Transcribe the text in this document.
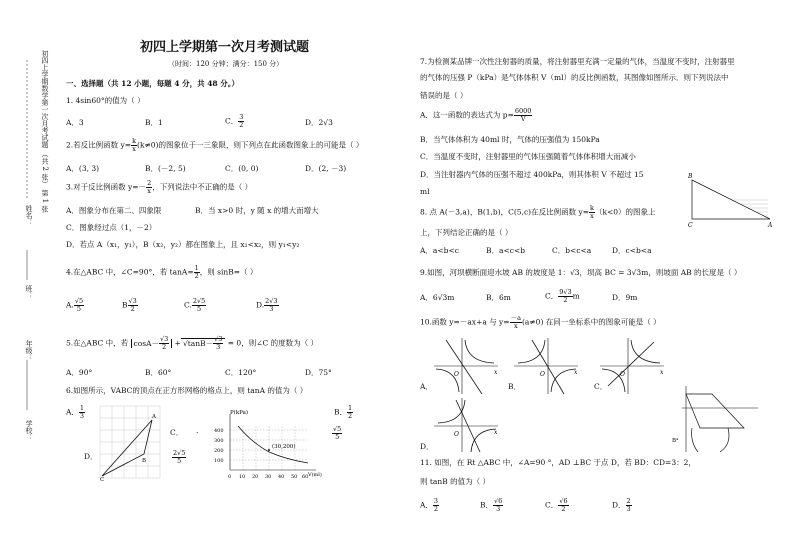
初四上学期数学第一次月考试题 （共 2 张） 第 1 张
姓名：
班：
年级：
学校：
初四上学期第一次月考测试题
（时间：120 分钟；满分：150 分）
一、选择题（共 12 小题，每题 4 分，共 48 分。）
1. 4sin60°的值为（ ）
A．3	B．1	C． $\frac{3}{2}$	D．2√3
2.若反比例函数 $y= \frac{k}{x} (k\ne 0)$的图象位于一三象限，则下列点在此函数图象上的可能是（ ）
A．(3, 3)	B．(－2, 5)	C．(0, 0)	D．(2, －3)
3.对于反比例函数 $y=- \frac{2}{x}$ ，下列说法中不正确的是（ ）
A．图象分布在第二、四象限	B．当 x>0 时，y 随 x 的增大而增大
C．图象经过点（1，－2）
D．若点 A（x₁，y₁），B（x₂，y₂）都在图象上，且 x₁<x₂，则 y₁<y₂
4.在△ABC 中，∠C=90°，若 $\tan A= \frac{1}{2}$ ，则 sinB=（ ）
A. $\frac{√5}{5}$	B $\frac{√3}{2}$	C. $\frac{2√5}{5}$	D. $\frac{2√3}{3}$
5.在△ABC 中，若 $\cos A- \frac{√3}{2} + √\tan B- \frac{√3}{3} = 0$，则∠C 的度数为（ ）
A．90°	B．60°	C．120°	D．75°
6.如图所示，VABC的顶点在正方形网格的格点上，则 tanA 的值为（ ）
A． $\frac{1}{3}$
C．
D．	$\frac{2√5}{5}$
B． $\frac{1}{2}$
$\frac{√5}{5}$
C
A
B
P(kPa)
(30,200)
V(ml)
400
300
200
100
0 10 20 30 40 50 60
.
7.为检测某品牌一次性注射器的质量，将注射器里充满一定量的气体，当温度不变时，注射器里
的气体的压强 P（kPa）是气体体积 V（ml）的反比例函数，其图像如图所示．则下列说法中
错误的是（ ）
A．这一函数的表达式为 $p= \frac{6000}{V}$
B．当气体体积为 40ml 时，气体的压强值为 150kPa
C．当温度不变时，注射器里的气体压强随着气体体积增大而减小
D．当注射器内气体的压强不超过 400kPa，则其体积 V 不超过 15
ml
B
C	A
8. 点 A(－3,a)，B(1,b)，C(5,c)在反比例函数 $y= \frac{k}{x} (k<0)$的图象上
上，下列结论正确的是（ ）
A．a<b<c	B．a<c<b	C．b<c<a	D．c<b<a
9.如图，河坝横断面迎水坡 AB 的坡度是 1：√3，坝高 BC = 3√3m，则坡面 AB 的长度是（ ）
A．6√3m	B．6m	C． $\frac{9√3}{2}$ m	D．9m
10.函数 y=－ax+a 与 $y= \frac{-a}{x} (a\ne 0)$ 在同一坐标系中的图象可能是（ ）
O	x	O	x	O	x
A．	B．	C．
O	x
D．
B⁴
11. 如图，在 Rt △ABC 中，∠A=90 °，AD ⊥BC 于点 D，若 BD：CD=3：2，
则 tanB 的值为（ ）
A． $\frac{3}{2}$	B． $\frac{√6}{3}$	C． $\frac{√6}{2}$	D． $\frac{2}{3}$
